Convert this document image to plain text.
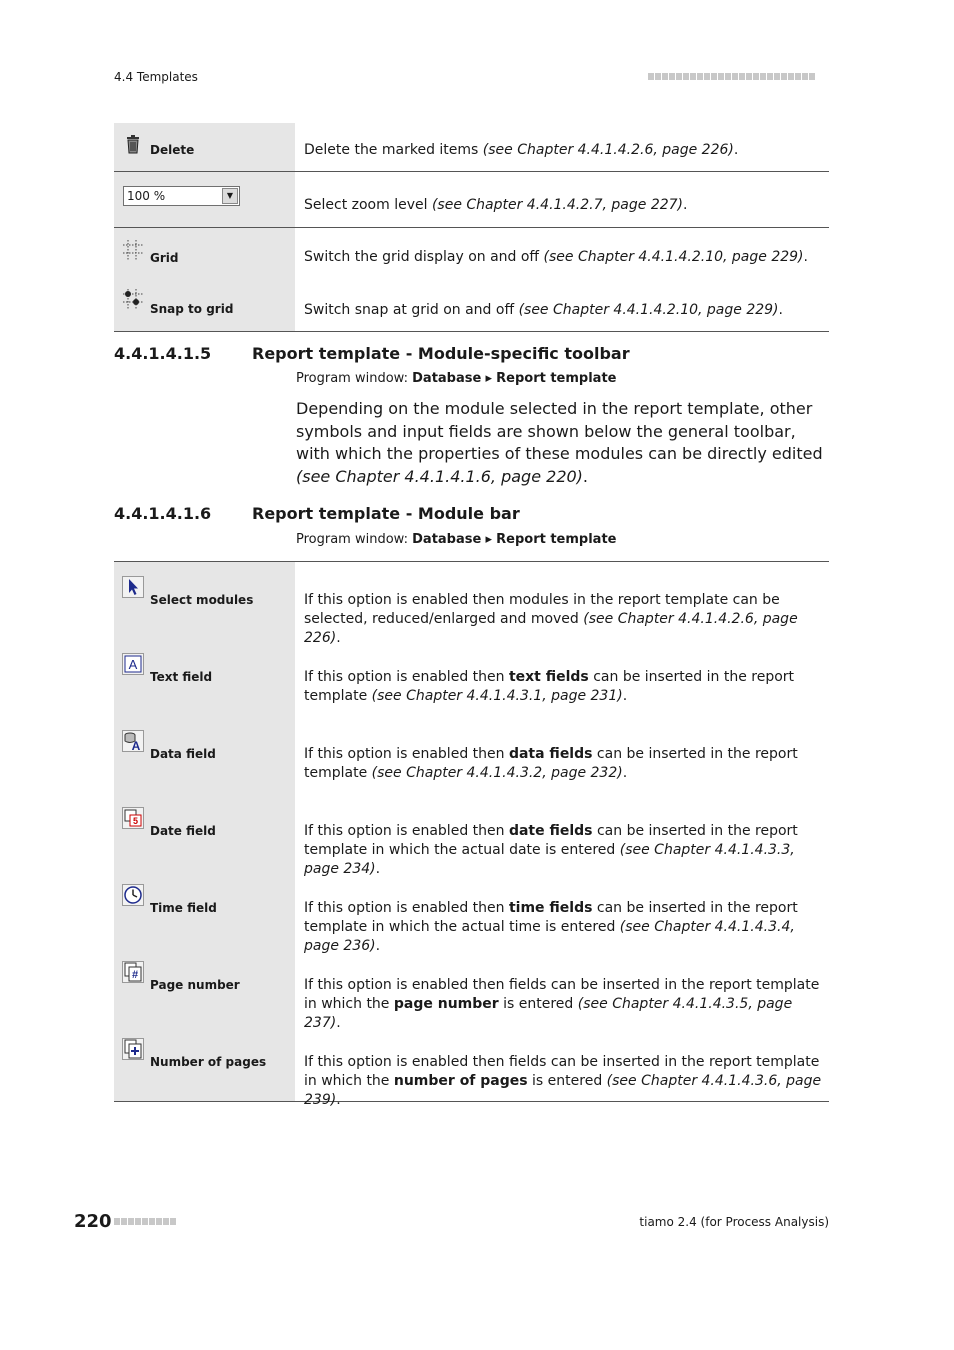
4.4 Templates
Delete	Delete the marked items (see Chapter 4.4.1.4.2.6, page 226).

100 % ▼	Select zoom level (see Chapter 4.4.1.4.2.7, page 227).

Grid	Switch the grid display on and off (see Chapter 4.4.1.4.2.10, page 229).

Snap to grid	Switch snap at grid on and off (see Chapter 4.4.1.4.2.10, page 229).
4.4.1.4.1.5	Report template - Module-specific toolbar
Program window: Database ▸ Report template
Depending on the module selected in the report template, other symbols and input fields are shown below the general toolbar, with which the properties of these modules can be directly edited (see Chapter 4.4.1.4.1.6, page 220).
4.4.1.4.1.6	Report template - Module bar
Program window: Database ▸ Report template
Select modules	If this option is enabled then modules in the report template can be selected, reduced/enlarged and moved (see Chapter 4.4.1.4.2.6, page 226).

A
Text field	If this option is enabled then text fields can be inserted in the report template (see Chapter 4.4.1.4.3.1, page 231).

A
Data field	If this option is enabled then data fields can be inserted in the report template (see Chapter 4.4.1.4.3.2, page 232).

5
Date field	If this option is enabled then date fields can be inserted in the report template in which the actual date is entered (see Chapter 4.4.1.4.3.3, page 234).

Time field	If this option is enabled then time fields can be inserted in the report template in which the actual time is entered (see Chapter 4.4.1.4.3.4, page 236).

#
Page number	If this option is enabled then fields can be inserted in the report template in which the page number is entered (see Chapter 4.4.1.4.3.5, page 237).

Number of pages	If this option is enabled then fields can be inserted in the report template in which the number of pages is entered (see Chapter 4.4.1.4.3.6, page 239).
220	tiamo 2.4 (for Process Analysis)
